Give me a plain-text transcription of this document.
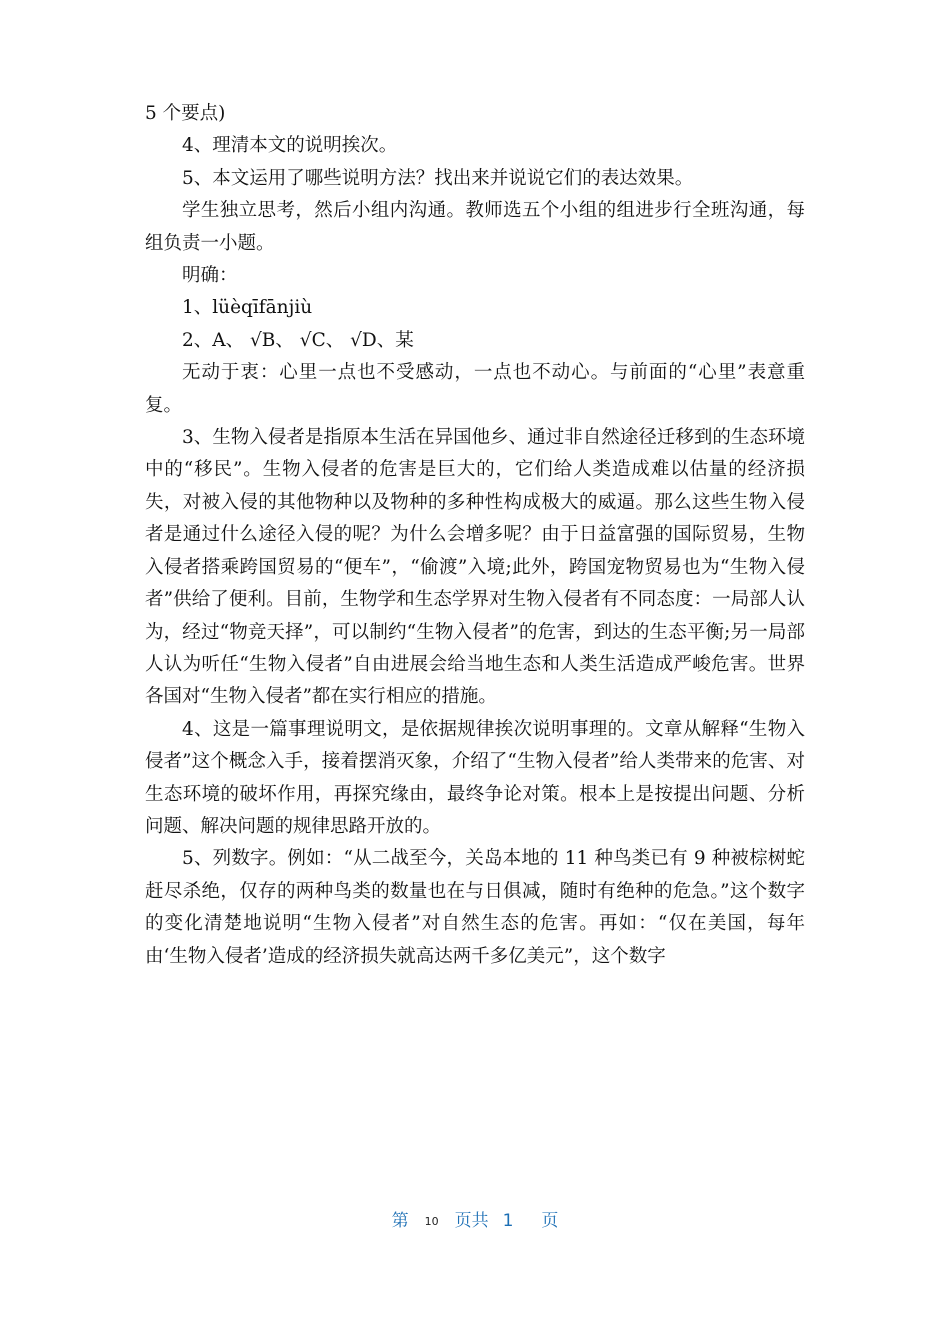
5 个要点)

4、理清本文的说明挨次。

5、本文运用了哪些说明方法？找出来并说说它们的表达效果。

学生独立思考，然后小组内沟通。教师选五个小组的组进步行全班沟通，每组负责一小题。

明确：

1、lüèqīfānjiù

2、A、 √B、 √C、 √D、某

无动于衷：心里一点也不受感动，一点也不动心。与前面的“心里”表意重复。

3、生物入侵者是指原本生活在异国他乡、通过非自然途径迁移到的生态环境中的“移民”。生物入侵者的危害是巨大的，它们给人类造成难以估量的经济损失，对被入侵的其他物种以及物种的多种性构成极大的威逼。那么这些生物入侵者是通过什么途径入侵的呢？为什么会增多呢？由于日益富强的国际贸易，生物入侵者搭乘跨国贸易的“便车”，“偷渡”入境;此外，跨国宠物贸易也为“生物入侵者”供给了便利。目前，生物学和生态学界对生物入侵者有不同态度：一局部人认为，经过“物竞天择”，可以制约“生物入侵者”的危害，到达的生态平衡;另一局部人认为听任“生物入侵者”自由进展会给当地生态和人类生活造成严峻危害。世界各国对“生物入侵者”都在实行相应的措施。

4、这是一篇事理说明文，是依据规律挨次说明事理的。文章从解释“生物入侵者”这个概念入手，接着摆消灭象，介绍了“生物入侵者”给人类带来的危害、对生态环境的破坏作用，再探究缘由，最终争论对策。根本上是按提出问题、分析问题、解决问题的规律思路开放的。

5、列数字。例如：“从二战至今，关岛本地的 11 种鸟类已有 9 种被棕树蛇赶尽杀绝，仅存的两种鸟类的数量也在与日俱减，随时有绝种的危急。”这个数字的变化清楚地说明“生物入侵者”对自然生态的危害。再如：“仅在美国，每年由‘生物入侵者’造成的经济损失就高达两千多亿美元”，这个数字

第 10 页共 1 页
